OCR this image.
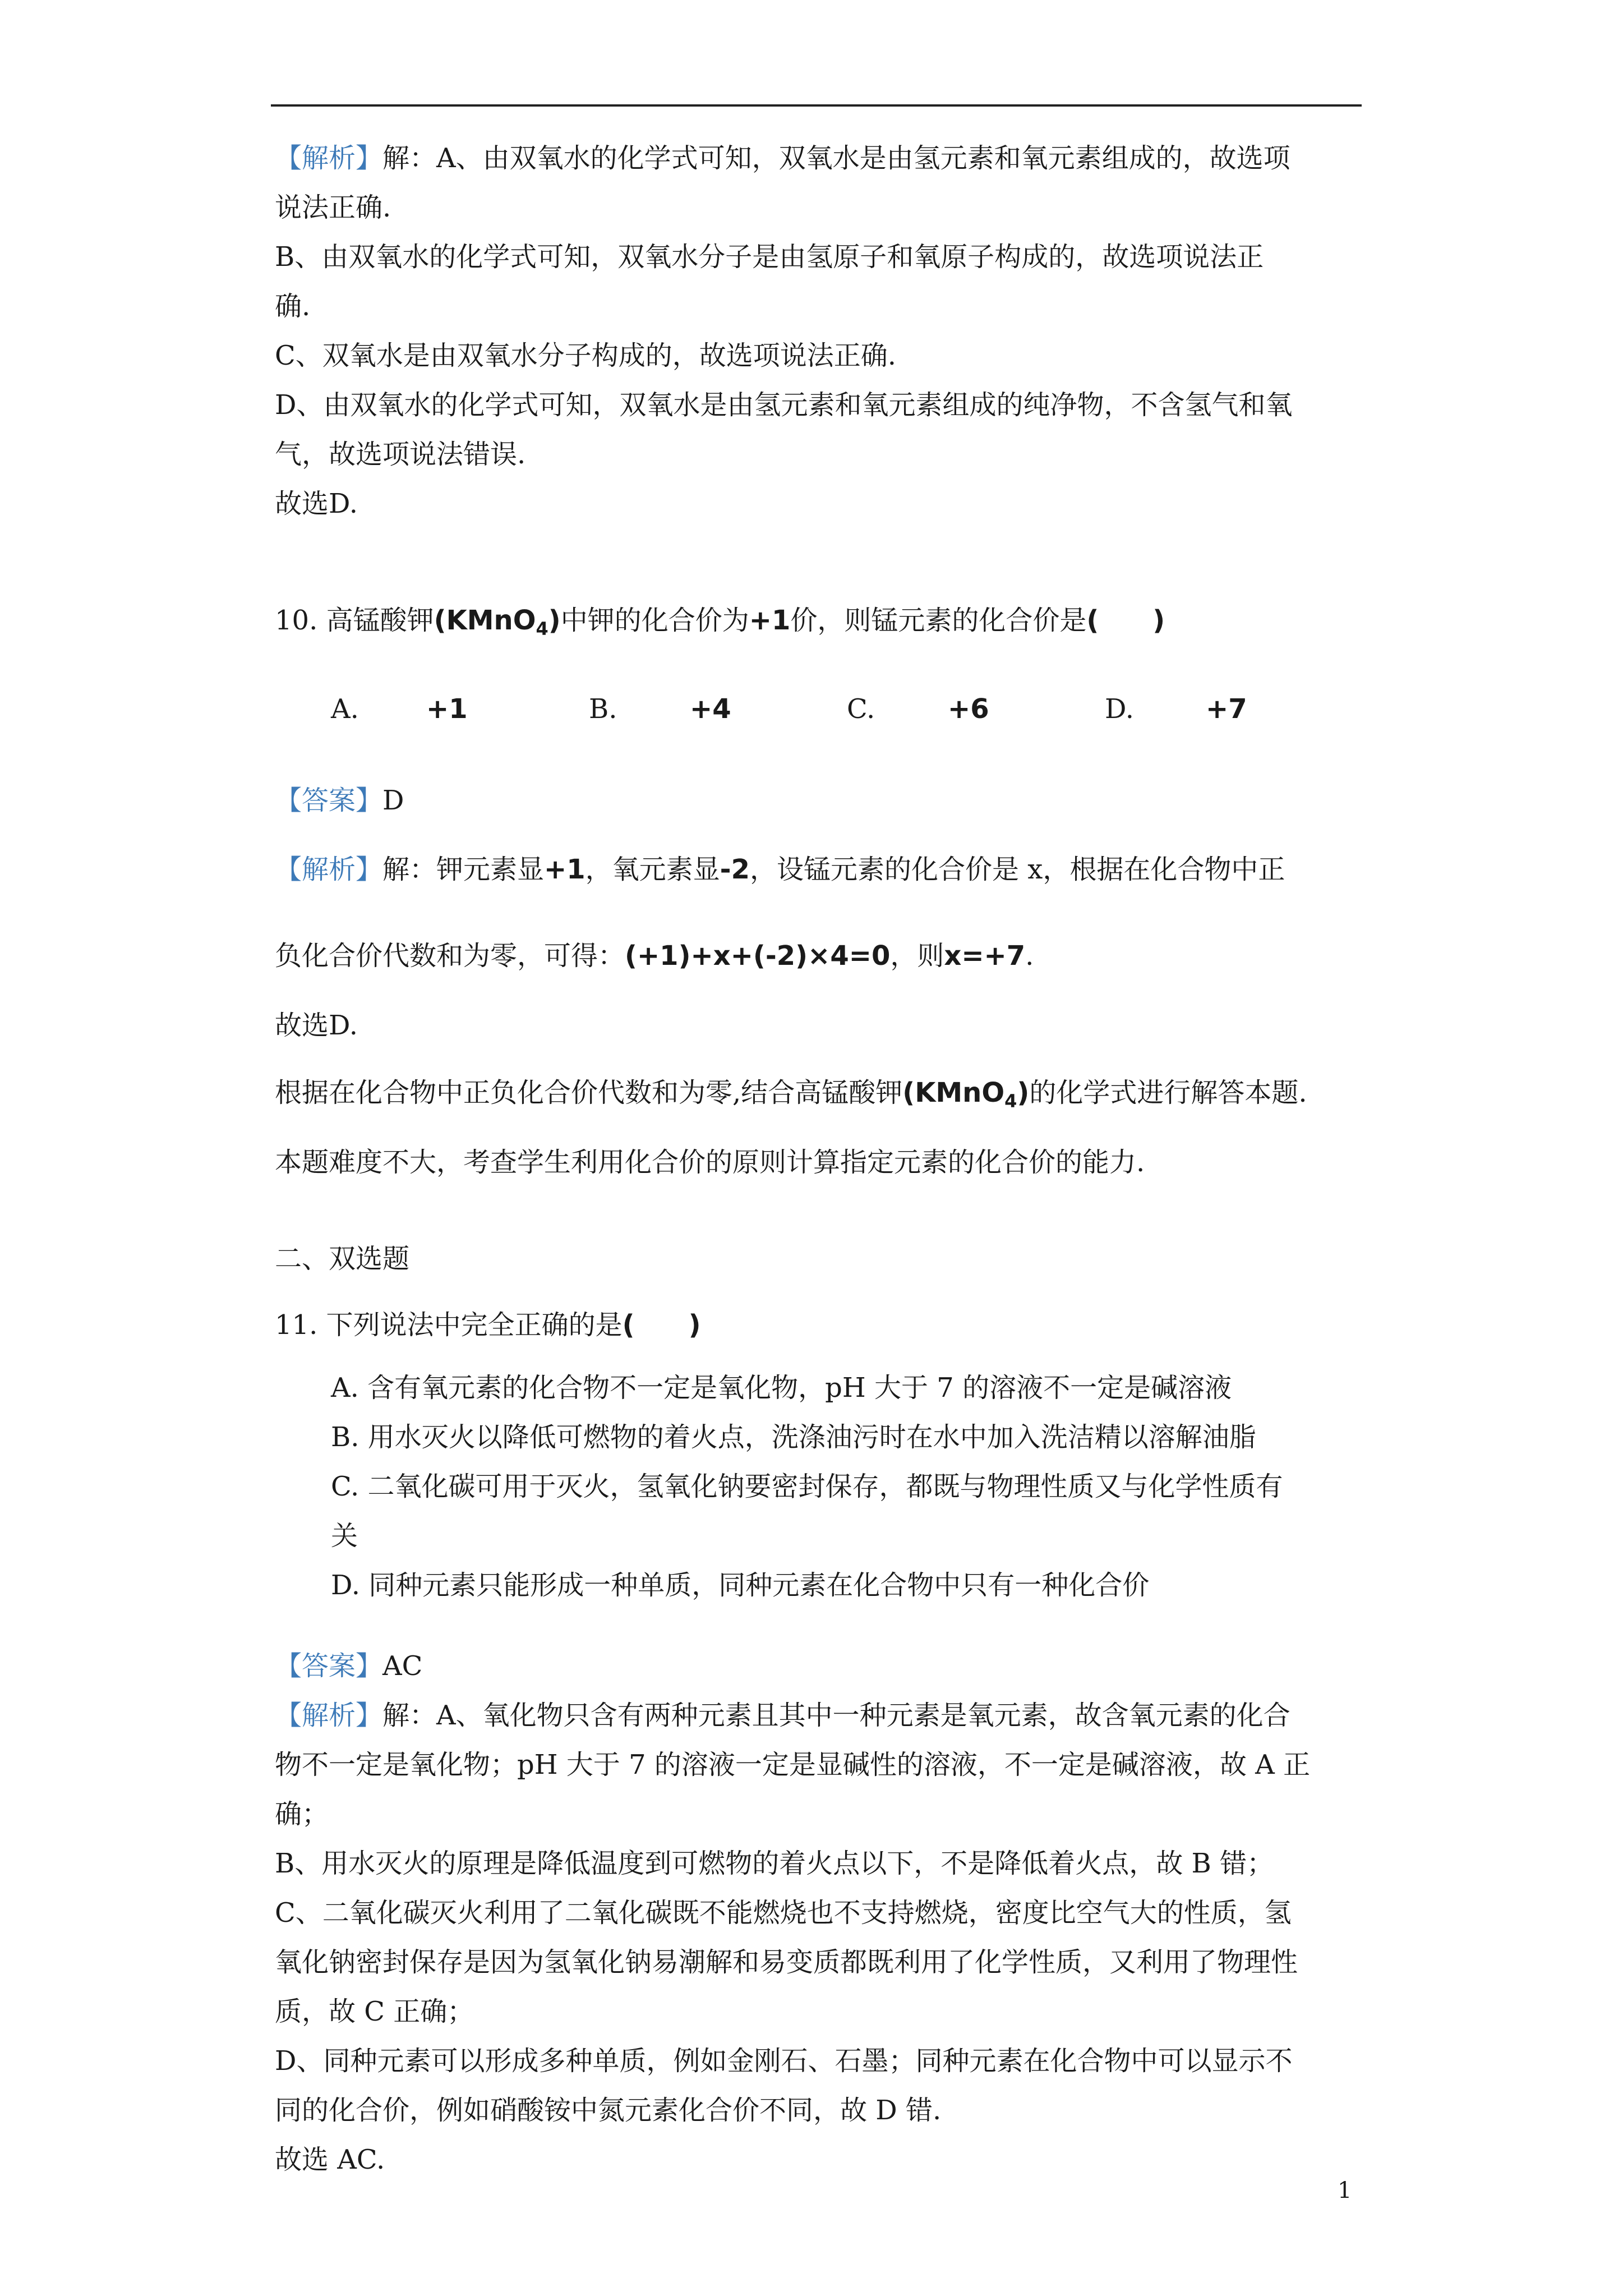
【解析】解：A、由双氧水的化学式可知，双氧水是由氢元素和氧元素组成的，故选项
说法正确.
B、由双氧水的化学式可知，双氧水分子是由氢原子和氧原子构成的，故选项说法正
确.
C、双氧水是由双氧水分子构成的，故选项说法正确.
D、由双氧水的化学式可知，双氧水是由氢元素和氧元素组成的纯净物，不含氢气和氧
气，故选项说法错误.
故选D.
10. 高锰酸钾(KMnO$_4$)中钾的化合价为+1价，则锰元素的化合价是(　　)
A.	+1	B.	+4	C.	+6	D.	+7
【答案】D
【解析】解：钾元素显+1，氧元素显-2，设锰元素的化合价是 x，根据在化合物中正
负化合价代数和为零，可得：(+1)+x+(-2)×4=0，则x=+7.
故选D.
根据在化合物中正负化合价代数和为零,结合高锰酸钾(KMnO$_4$)的化学式进行解答本题.
本题难度不大，考查学生利用化合价的原则计算指定元素的化合价的能力.
二、双选题
11. 下列说法中完全正确的是(　　)
A. 含有氧元素的化合物不一定是氧化物，pH 大于 7 的溶液不一定是碱溶液
B. 用水灭火以降低可燃物的着火点，洗涤油污时在水中加入洗洁精以溶解油脂
C. 二氧化碳可用于灭火，氢氧化钠要密封保存，都既与物理性质又与化学性质有
关
D. 同种元素只能形成一种单质，同种元素在化合物中只有一种化合价
【答案】AC
【解析】解：A、氧化物只含有两种元素且其中一种元素是氧元素，故含氧元素的化合
物不一定是氧化物；pH 大于 7 的溶液一定是显碱性的溶液，不一定是碱溶液，故 A 正
确；
B、用水灭火的原理是降低温度到可燃物的着火点以下，不是降低着火点，故 B 错；
C、二氧化碳灭火利用了二氧化碳既不能燃烧也不支持燃烧，密度比空气大的性质，氢
氧化钠密封保存是因为氢氧化钠易潮解和易变质都既利用了化学性质，又利用了物理性
质，故 C 正确；
D、同种元素可以形成多种单质，例如金刚石、石墨；同种元素在化合物中可以显示不
同的化合价，例如硝酸铵中氮元素化合价不同，故 D 错.
故选 AC.
1
